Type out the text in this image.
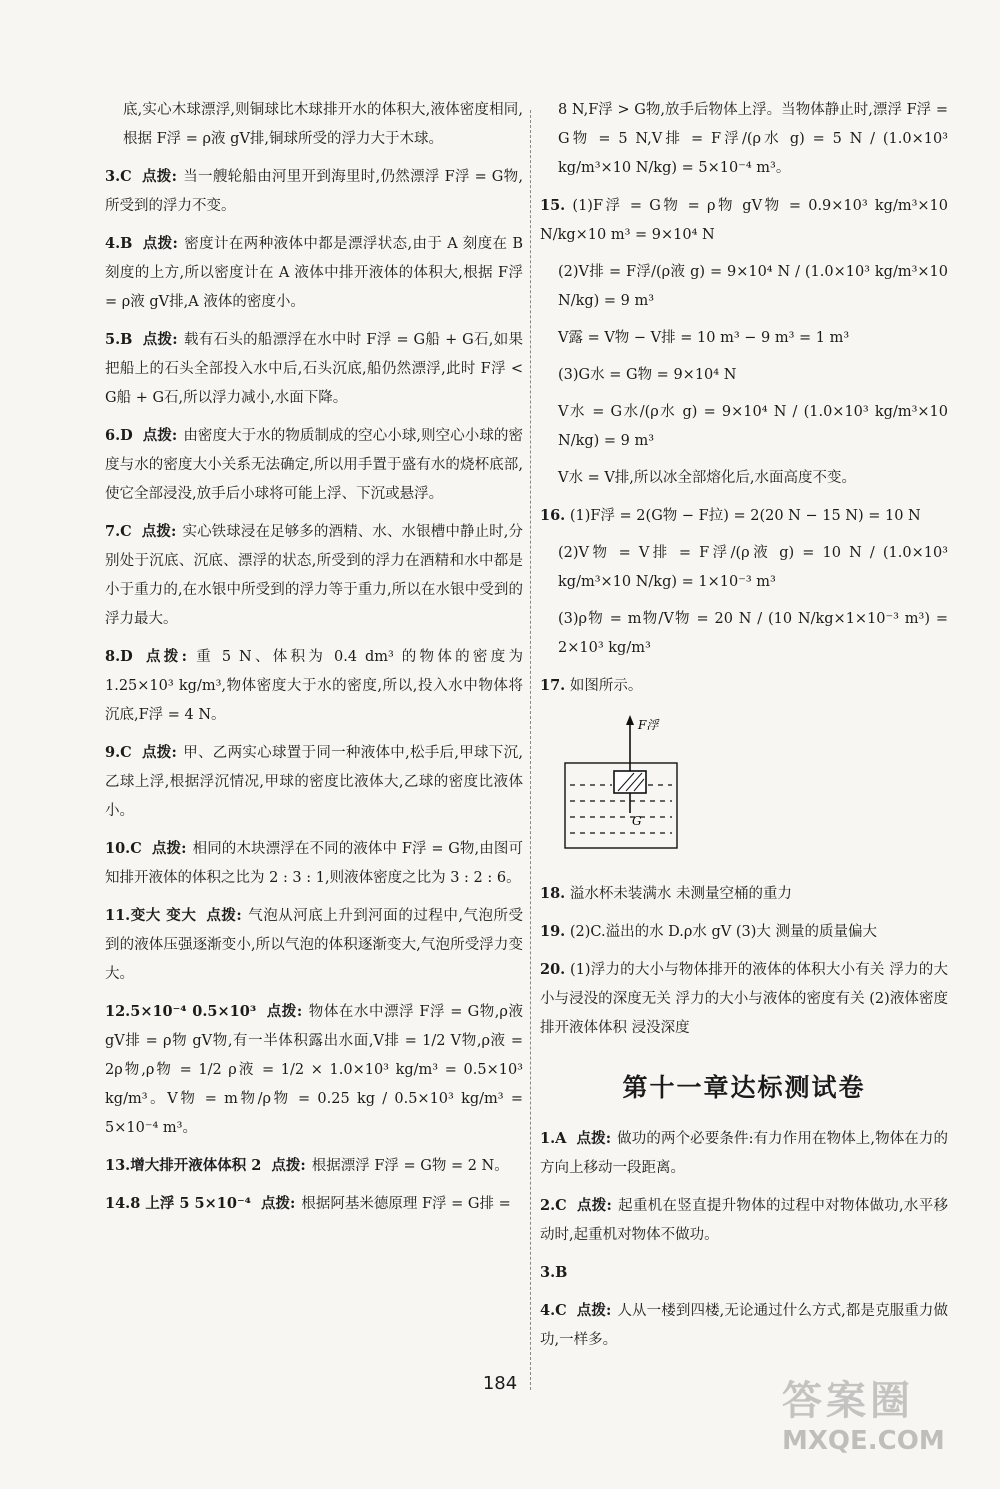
底,实心木球漂浮,则铜球比木球排开水的体积大,液体密度相同,根据 F浮 = ρ液 gV排,铜球所受的浮力大于木球。
3.C 点拨: 当一艘轮船由河里开到海里时,仍然漂浮 F浮 = G物,所受到的浮力不变。
4.B 点拨: 密度计在两种液体中都是漂浮状态,由于 A 刻度在 B 刻度的上方,所以密度计在 A 液体中排开液体的体积大,根据 F浮 = ρ液 gV排,A 液体的密度小。
5.B 点拨: 载有石头的船漂浮在水中时 F浮 = G船 + G石,如果把船上的石头全部投入水中后,石头沉底,船仍然漂浮,此时 F浮 < G船 + G石,所以浮力减小,水面下降。
6.D 点拨: 由密度大于水的物质制成的空心小球,则空心小球的密度与水的密度大小关系无法确定,所以用手置于盛有水的烧杯底部,使它全部浸没,放手后小球将可能上浮、下沉或悬浮。
7.C 点拨: 实心铁球浸在足够多的酒精、水、水银槽中静止时,分别处于沉底、沉底、漂浮的状态,所受到的浮力在酒精和水中都是小于重力的,在水银中所受到的浮力等于重力,所以在水银中受到的浮力最大。
8.D 点拨: 重 5 N、体积为 0.4 dm³ 的物体的密度为 1.25×10³ kg/m³,物体密度大于水的密度,所以,投入水中物体将沉底,F浮 = 4 N。
9.C 点拨: 甲、乙两实心球置于同一种液体中,松手后,甲球下沉,乙球上浮,根据浮沉情况,甲球的密度比液体大,乙球的密度比液体小。
10.C 点拨: 相同的木块漂浮在不同的液体中 F浮 = G物,由图可知排开液体的体积之比为 2 : 3 : 1,则液体密度之比为 3 : 2 : 6。
11.变大 变大 点拨: 气泡从河底上升到河面的过程中,气泡所受到的液体压强逐渐变小,所以气泡的体积逐渐变大,气泡所受浮力变大。
12.5×10⁻⁴ 0.5×10³ 点拨: 物体在水中漂浮 F浮 = G物,ρ液 gV排 = ρ物 gV物,有一半体积露出水面,V排 = 1/2 V物,ρ液 = 2ρ物,ρ物 = 1/2 ρ液 = 1/2 × 1.0×10³ kg/m³ = 0.5×10³ kg/m³。V物 = m物/ρ物 = 0.25 kg / 0.5×10³ kg/m³ = 5×10⁻⁴ m³。
13.增大排开液体体积 2 点拨: 根据漂浮 F浮 = G物 = 2 N。
14.8 上浮 5 5×10⁻⁴ 点拨: 根据阿基米德原理 F浮 = G排 =
8 N,F浮 > G物,放手后物体上浮。当物体静止时,漂浮 F浮 = G物 = 5 N,V排 = F浮/(ρ水 g) = 5 N / (1.0×10³ kg/m³×10 N/kg) = 5×10⁻⁴ m³。
15. (1)F浮 = G物 = ρ物 gV物 = 0.9×10³ kg/m³×10 N/kg×10 m³ = 9×10⁴ N
(2)V排 = F浮/(ρ液 g) = 9×10⁴ N / (1.0×10³ kg/m³×10 N/kg) = 9 m³
V露 = V物 − V排 = 10 m³ − 9 m³ = 1 m³
(3)G水 = G物 = 9×10⁴ N
V水 = G水/(ρ水 g) = 9×10⁴ N / (1.0×10³ kg/m³×10 N/kg) = 9 m³
V水 = V排,所以冰全部熔化后,水面高度不变。
16. (1)F浮 = 2(G物 − F拉) = 2(20 N − 15 N) = 10 N
(2)V物 = V排 = F浮/(ρ液 g) = 10 N / (1.0×10³ kg/m³×10 N/kg) = 1×10⁻³ m³
(3)ρ物 = m物/V物 = 20 N / (10 N/kg×1×10⁻³ m³) = 2×10³ kg/m³
17. 如图所示。
F浮
G
18. 溢水杯未装满水 未测量空桶的重力
19. (2)C.溢出的水 D.ρ水 gV (3)大 测量的质量偏大
20. (1)浮力的大小与物体排开的液体的体积大小有关 浮力的大小与浸没的深度无关 浮力的大小与液体的密度有关 (2)液体密度 排开液体体积 浸没深度
第十一章达标测试卷
1.A 点拨: 做功的两个必要条件:有力作用在物体上,物体在力的方向上移动一段距离。
2.C 点拨: 起重机在竖直提升物体的过程中对物体做功,水平移动时,起重机对物体不做功。
3.B
4.C 点拨: 人从一楼到四楼,无论通过什么方式,都是克服重力做功,一样多。
184	答案圈
MXQE.COM
